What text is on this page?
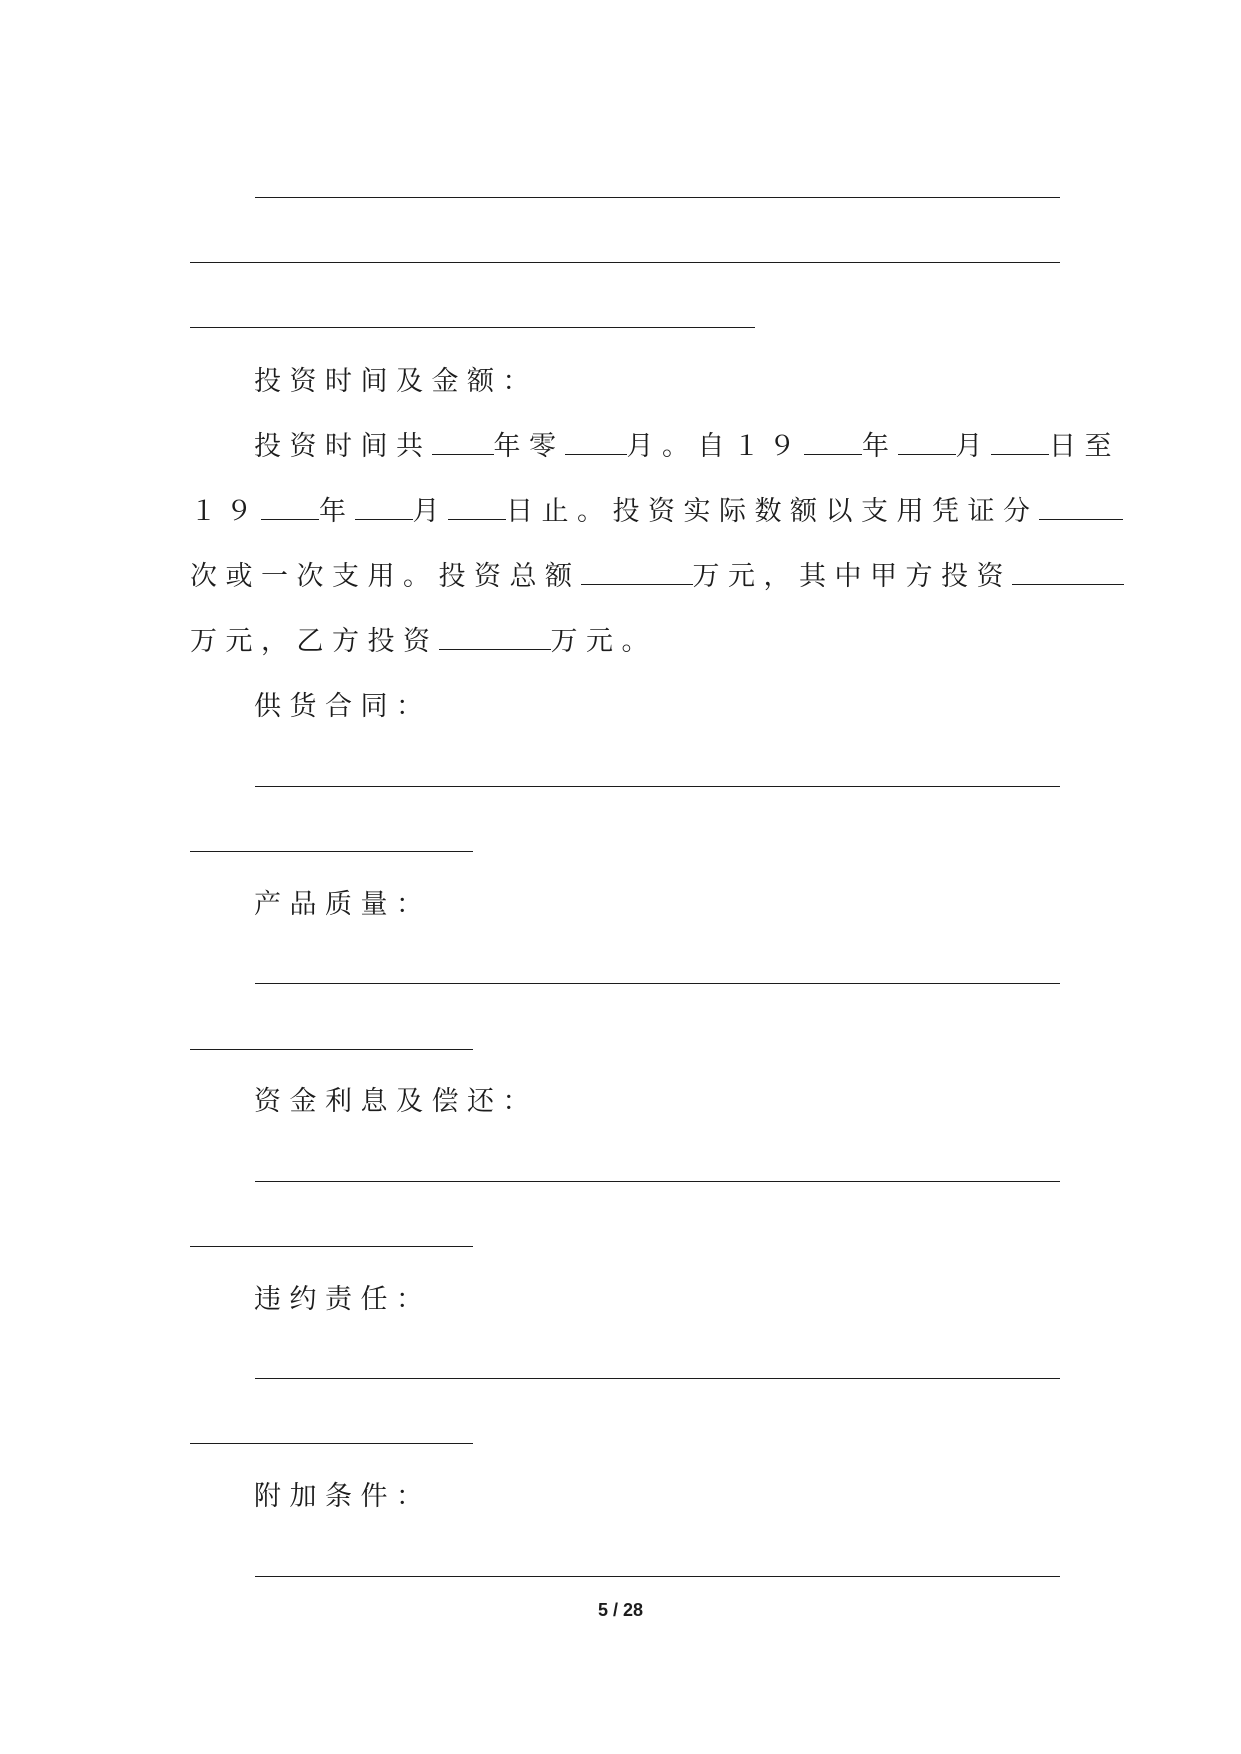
投资时间及金额：
投资时间共 年零 月。自１９ 年 月 日至
１９ 年 月 日止。投资实际数额以支用凭证分
次或一次支用。投资总额	万元，其中甲方投资
万元，乙方投资	万元。
供货合同：
产品质量：
资金利息及偿还：
违约责任：
附加条件：
5 / 28
